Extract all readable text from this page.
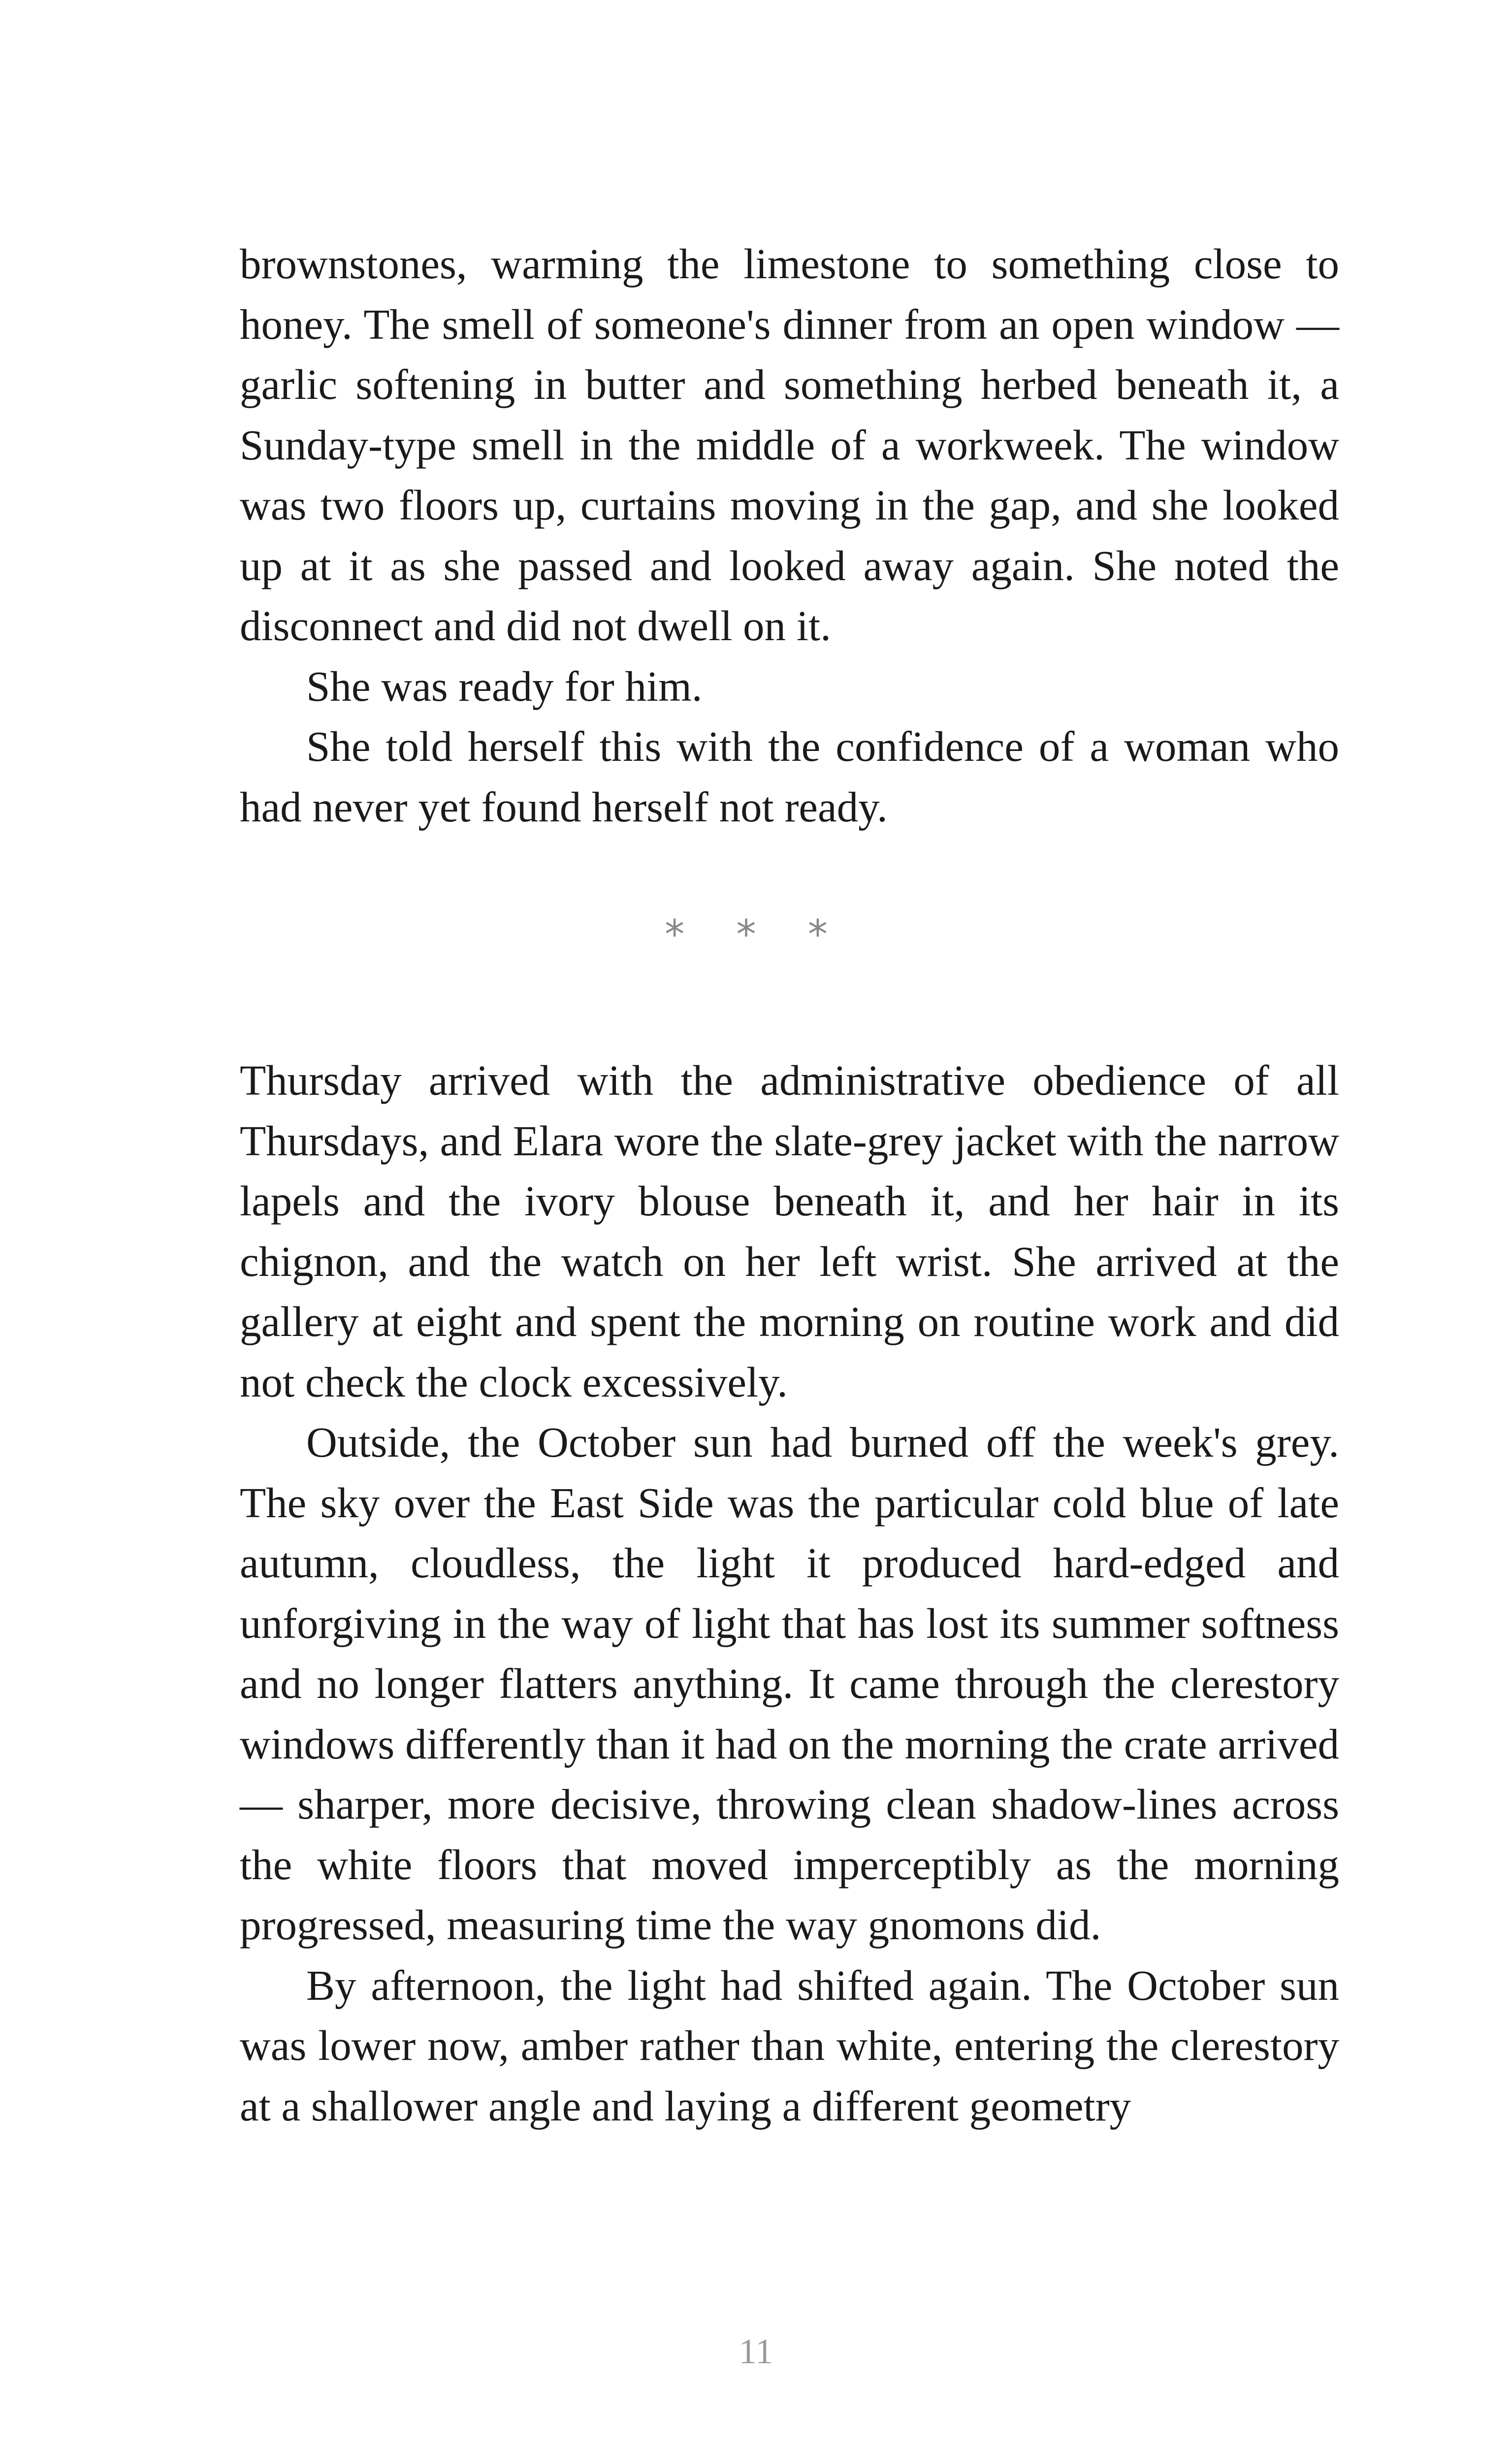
brownstones, warming the limestone to something close to honey. The smell of someone's dinner from an open window — garlic softening in butter and something herbed beneath it, a Sunday-type smell in the middle of a workweek. The window was two floors up, curtains moving in the gap, and she looked up at it as she passed and looked away again. She noted the disconnect and did not dwell on it.

She was ready for him.

She told herself this with the confidence of a woman who had never yet found herself not ready.

* * *

Thursday arrived with the administrative obedience of all Thursdays, and Elara wore the slate-grey jacket with the narrow lapels and the ivory blouse beneath it, and her hair in its chignon, and the watch on her left wrist. She arrived at the gallery at eight and spent the morning on routine work and did not check the clock excessively.

Outside, the October sun had burned off the week's grey. The sky over the East Side was the particular cold blue of late autumn, cloudless, the light it produced hard-edged and unforgiving in the way of light that has lost its summer softness and no longer flatters anything. It came through the clerestory windows differently than it had on the morning the crate arrived — sharper, more decisive, throwing clean shadow-lines across the white floors that moved imperceptibly as the morning progressed, measuring time the way gnomons did.

By afternoon, the light had shifted again. The October sun was lower now, amber rather than white, entering the clerestory at a shallower angle and laying a different geometry

11
